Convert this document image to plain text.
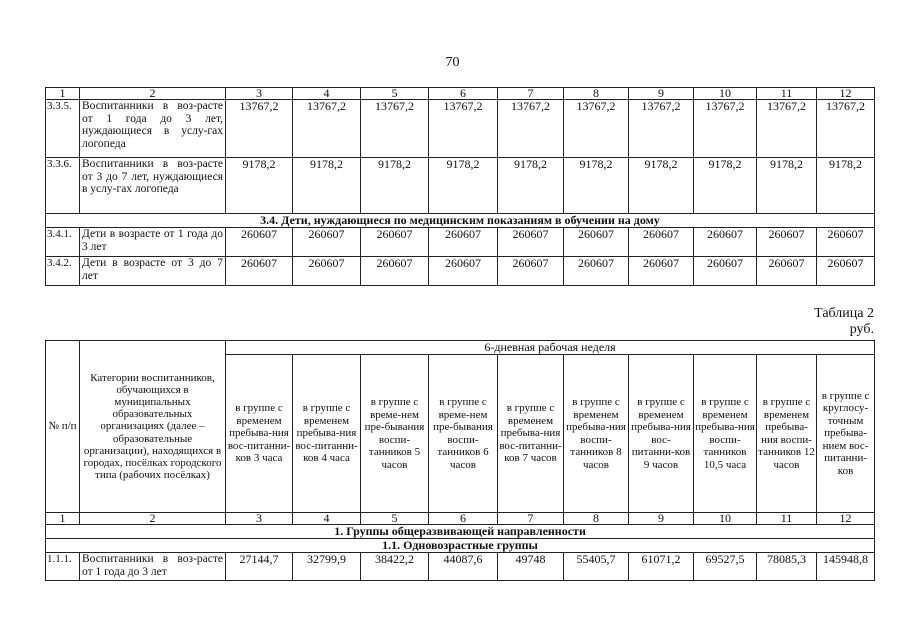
70
1	2	3	4	5	6	7	8	9	10	11	12
3.3.5.	Воспитанники в воз-расте от 1 года до 3 лет, нуждающиеся в услу-гах логопеда	13767,2	13767,2	13767,2	13767,2	13767,2	13767,2	13767,2	13767,2	13767,2	13767,2
3.3.6.	Воспитанники в воз-расте от 3 до 7 лет, нуждающиеся в услу-гах логопеда	9178,2	9178,2	9178,2	9178,2	9178,2	9178,2	9178,2	9178,2	9178,2	9178,2
3.4. Дети, нуждающиеся по медицинским показаниям в обучении на дому											
3.4.1.	Дети в возрасте от 1 года до 3 лет	260607	260607	260607	260607	260607	260607	260607	260607	260607	260607
3.4.2.	Дети в возрасте от 3 до 7 лет	260607	260607	260607	260607	260607	260607	260607	260607	260607	260607
Таблица 2
руб.
№ п/п	Категории воспитанников, обучающихся в муниципальных образовательных организациях (далее – образовательные организации), находящихся в городах, посёлках городского типа (рабочих посёлках)	6-дневная рабочая неделя									
		в группе с временем пребыва-ния вос-питанни-ков 3 часа	в группе с временем пребыва-ния вос-питанни-ков 4 часа	в группе с време-нем пре-бывания воспи-танников 5 часов	в группе с време-нем пре-бывания воспи-танников 6 часов	в группе с временем пребыва-ния вос-питанни-ков 7 часов	в группе с временем пребыва-ния воспи-танников 8 часов	в группе с временем пребыва-ния вос-питанни-ков 9 часов	в группе с временем пребыва-ния воспи-танников 10,5 часа	в группе с временем пребыва-ния воспи-танников 12 часов	в группе с круглосу-точным пребыва-нием вос-питанни-ков
1	2	3	4	5	6	7	8	9	10	11	12
1. Группы общеразвивающей направленности											
1.1. Одновозрастные группы											
1.1.1.	Воспитанники в воз-расте от 1 года до 3 лет	27144,7	32799,9	38422,2	44087,6	49748	55405,7	61071,2	69527,5	78085,3	145948,8
